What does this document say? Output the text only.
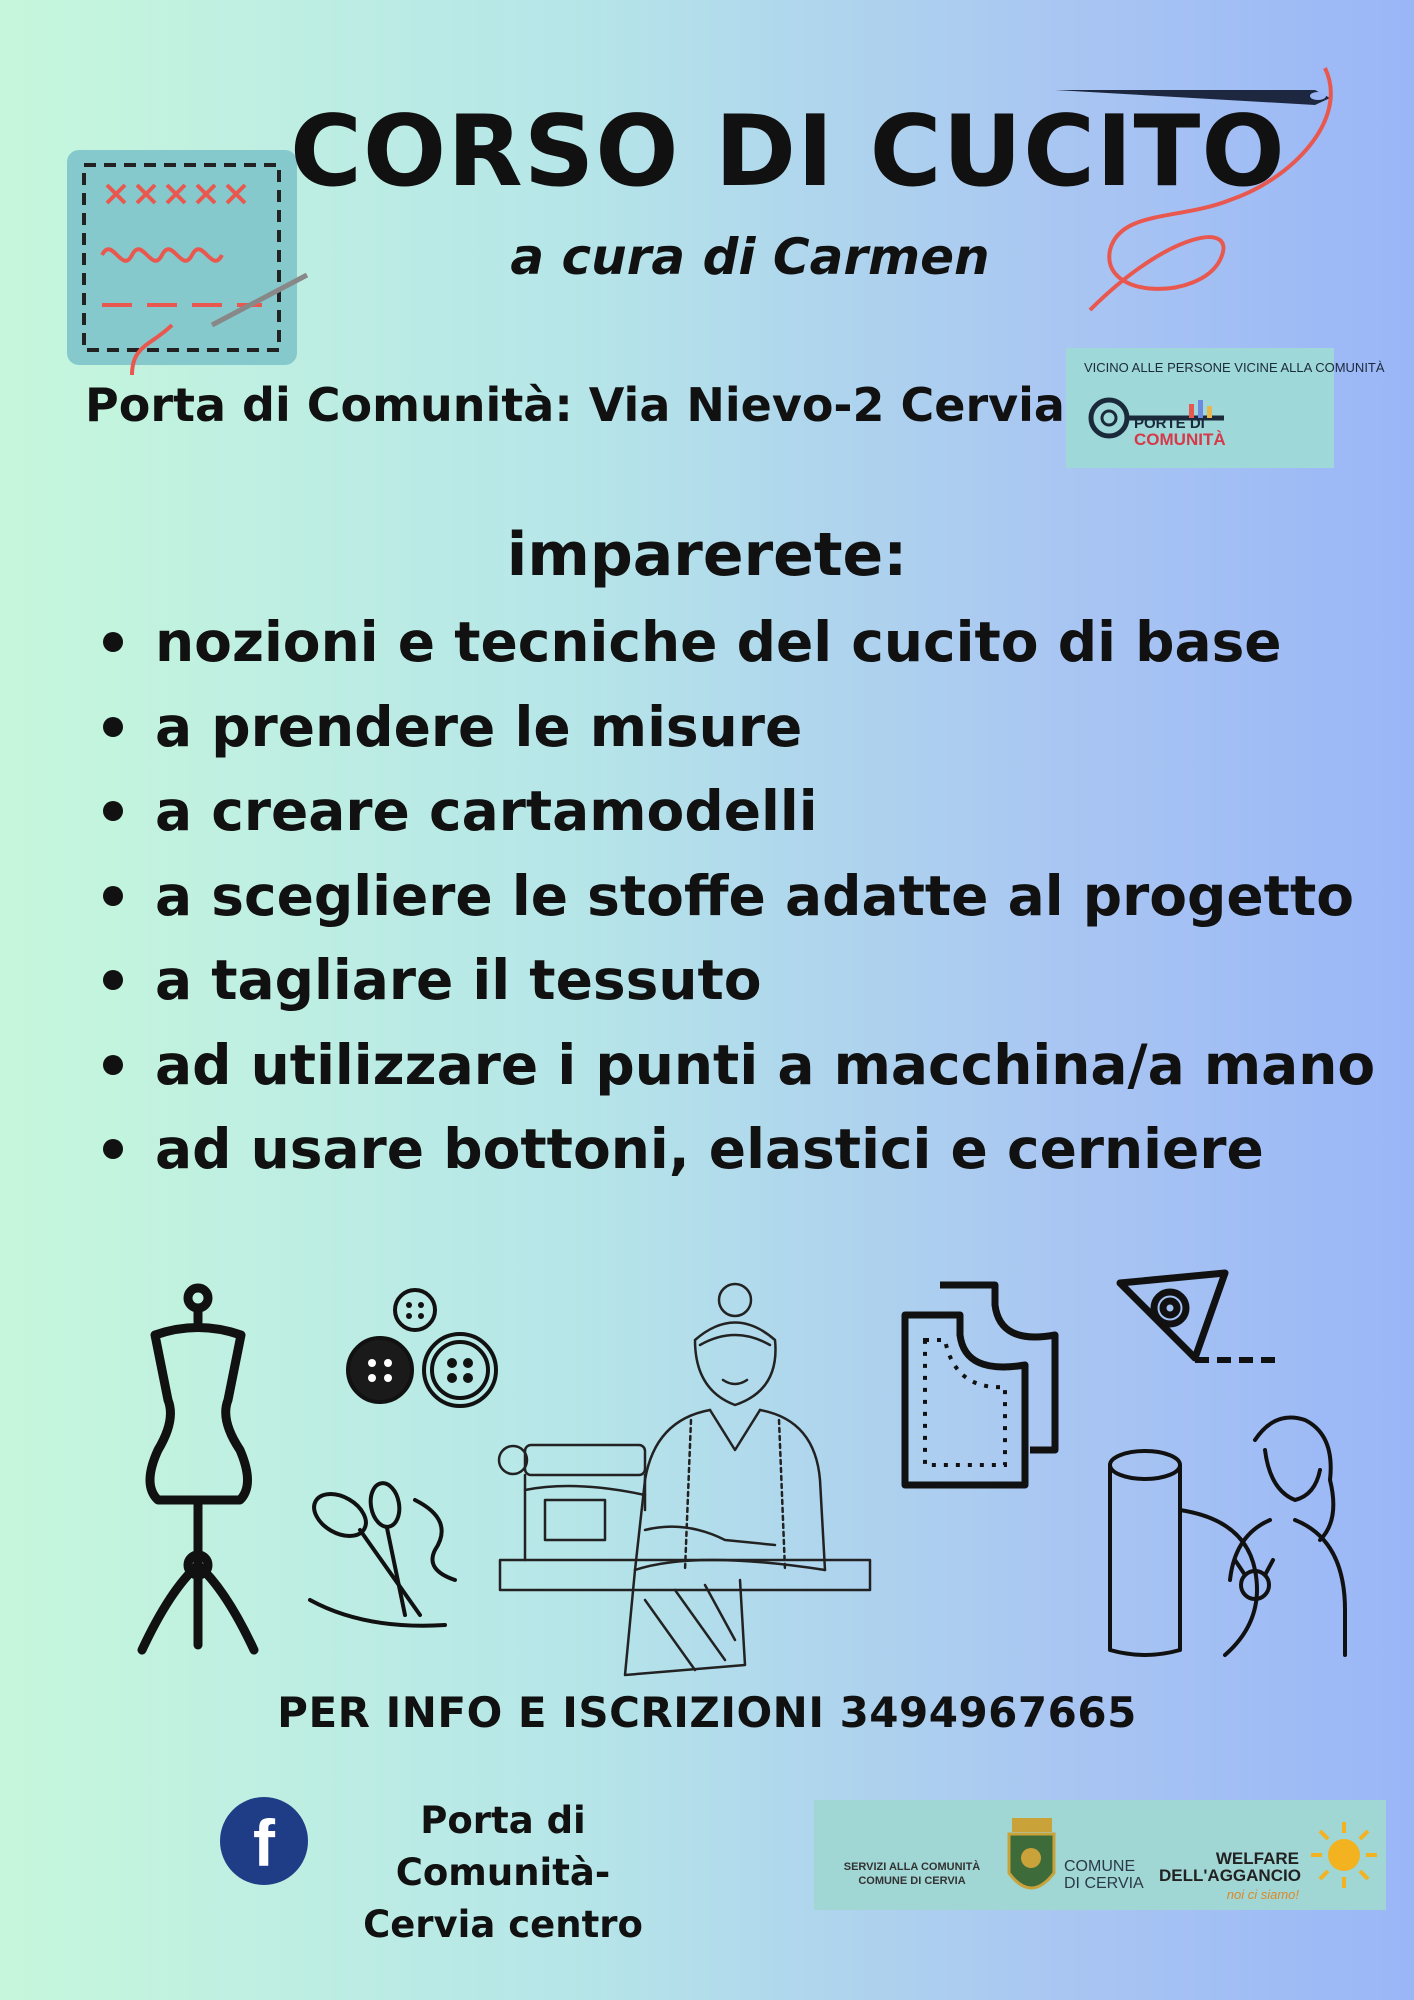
CORSO DI CUCITO
a cura di Carmen
Porta di Comunità: Via Nievo-2 Cervia
VICINO ALLE PERSONE VICINE ALLA COMUNITÀ
PORTE DI
COMUNITÀ
imparerete:
nozioni e tecniche del cucito di base
a prendere le misure
a creare cartamodelli
a scegliere le stoffe adatte al progetto
a tagliare il tessuto
ad utilizzare i punti a macchina/a mano
ad usare bottoni, elastici e cerniere
PER INFO E ISCRIZIONI 3494967665
f	Porta di Comunità-
Cervia centro
SERVIZI ALLA COMUNITÀ COMUNE DI CERVIA
COMUNE
DI CERVIA
WELFARE
DELL'AGGANCIO
noi ci siamo!
